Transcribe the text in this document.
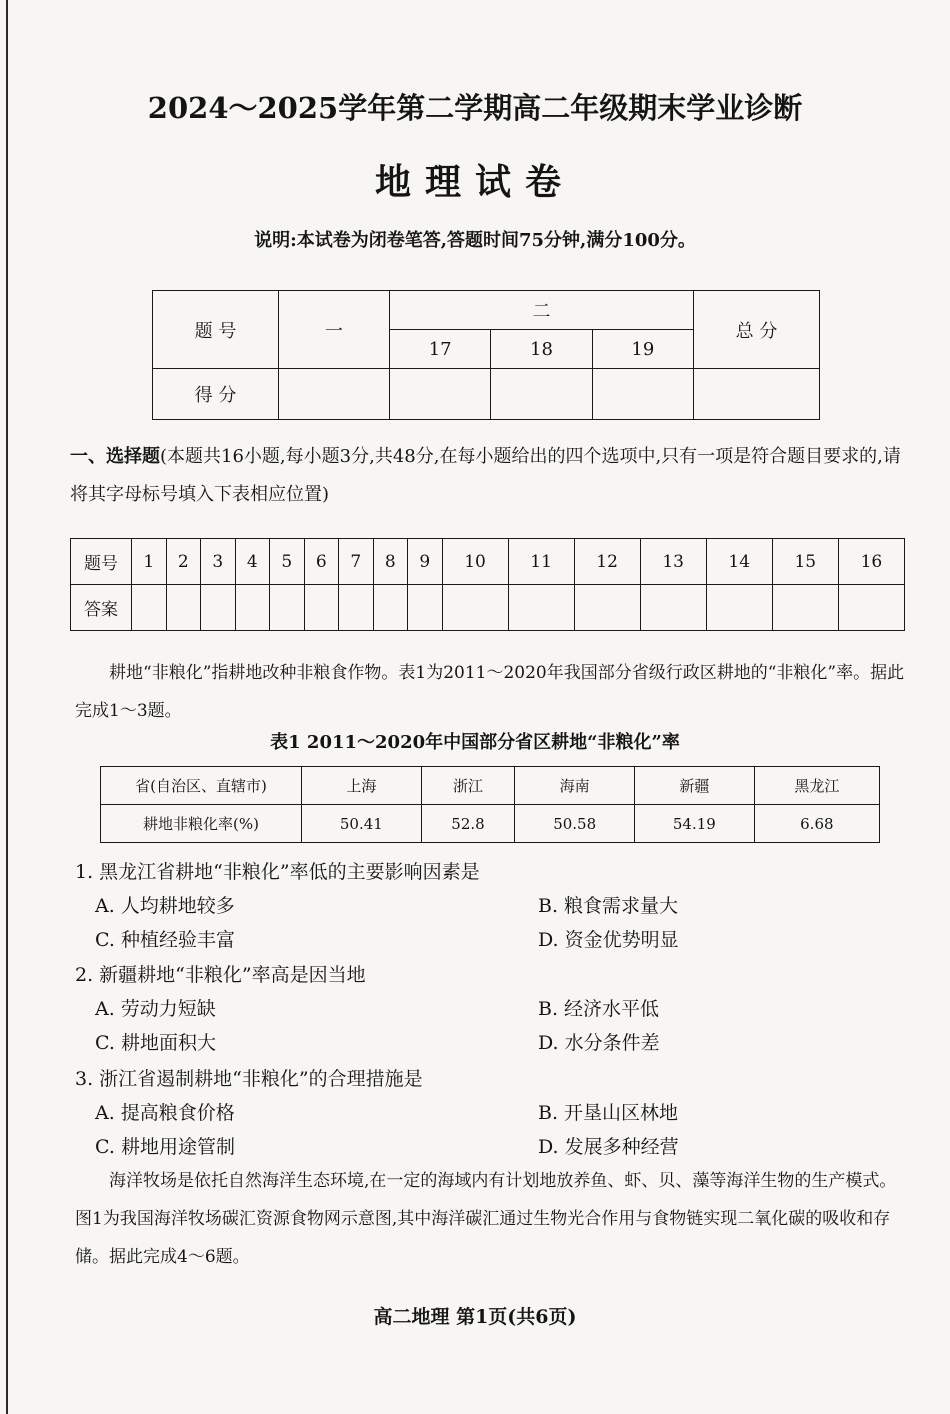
2024～2025学年第二学期高二年级期末学业诊断
地理试卷
说明:本试卷为闭卷笔答,答题时间75分钟,满分100分。
题 号	一	二			总 分
		17	18	19	
得 分					
一、选择题(本题共16小题,每小题3分,共48分,在每小题给出的四个选项中,只有一项是符合题目要求的,请将其字母标号填入下表相应位置)
题号	1	2	3	4	5	6	7	8	9	10	11	12	13	14	15	16
答案																
耕地“非粮化”指耕地改种非粮食作物。表1为2011～2020年我国部分省级行政区耕地的“非粮化”率。据此完成1～3题。
表1 2011～2020年中国部分省区耕地“非粮化”率
省(自治区、直辖市)	上海	浙江	海南	新疆	黑龙江
耕地非粮化率(%)	50.41	52.8	50.58	54.19	6.68
1. 黑龙江省耕地“非粮化”率低的主要影响因素是
A. 人均耕地较多	B. 粮食需求量大
C. 种植经验丰富	D. 资金优势明显
2. 新疆耕地“非粮化”率高是因当地
A. 劳动力短缺	B. 经济水平低
C. 耕地面积大	D. 水分条件差
3. 浙江省遏制耕地“非粮化”的合理措施是
A. 提高粮食价格	B. 开垦山区林地
C. 耕地用途管制	D. 发展多种经营
海洋牧场是依托自然海洋生态环境,在一定的海域内有计划地放养鱼、虾、贝、藻等海洋生物的生产模式。图1为我国海洋牧场碳汇资源食物网示意图,其中海洋碳汇通过生物光合作用与食物链实现二氧化碳的吸收和存储。据此完成4～6题。
高二地理 第1页(共6页)
